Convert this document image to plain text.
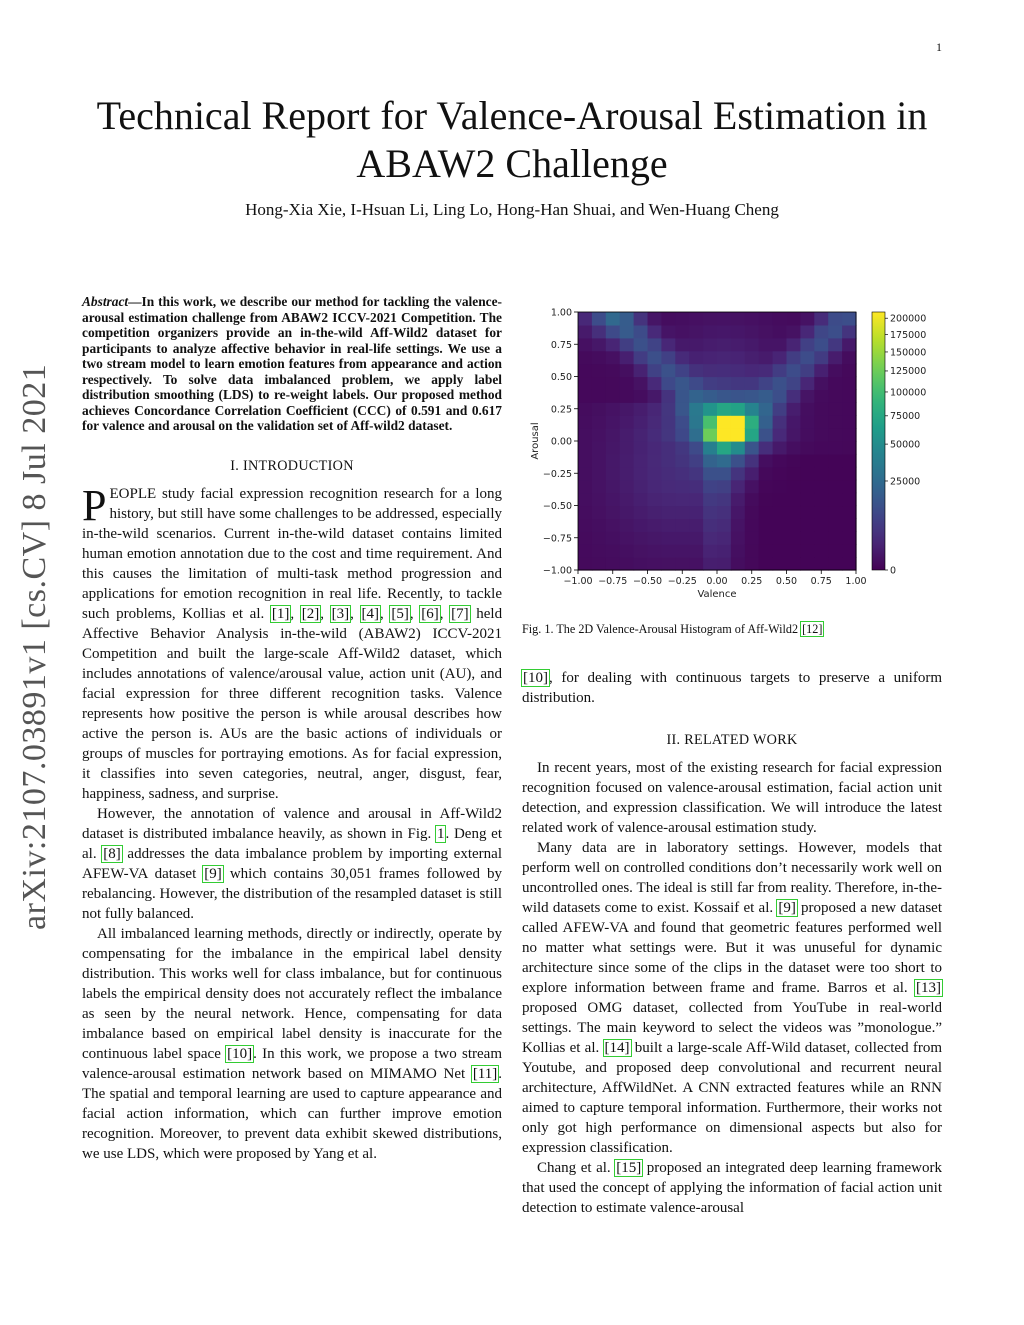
1
Technical Report for Valence-Arousal Estimation in ABAW2 Challenge
Hong-Xia Xie, I-Hsuan Li, Ling Lo, Hong-Han Shuai, and Wen-Huang Cheng
arXiv:2107.03891v1 [cs.CV] 8 Jul 2021

Abstract—In this work, we describe our method for tackling the valence-arousal estimation challenge from ABAW2 ICCV-2021 Competition. The competition organizers provide an in-the-wild Aff-Wild2 dataset for participants to analyze affective behavior in real-life settings. We use a two stream model to learn emotion features from appearance and action respectively. To solve data imbalanced problem, we apply label distribution smoothing (LDS) to re-weight labels. Our proposed method achieves Concordance Correlation Coefficient (CCC) of 0.591 and 0.617 for valence and arousal on the validation set of Aff-wild2 dataset.

I. INTRODUCTION

PEOPLE study facial expression recognition research for a long history, but still have some challenges to be addressed, especially in-the-wild scenarios. Current in-the-wild dataset contains limited human emotion annotation due to the cost and time requirement. And this causes the limitation of multi-task method progression and applications for emotion recognition in real life. Recently, to tackle such problems, Kollias et al. [1], [2], [3], [4], [5], [6], [7] held Affective Behavior Analysis in-the-wild (ABAW2) ICCV-2021 Competition and built the large-scale Aff-Wild2 dataset, which includes annotations of valence/arousal value, action unit (AU), and facial expression for three different recognition tasks. Valence represents how positive the person is while arousal describes how active the person is. AUs are the basic actions of individuals or groups of muscles for portraying emotions. As for facial expression, it classifies into seven categories, neutral, anger, disgust, fear, happiness, sadness, and surprise.

However, the annotation of valence and arousal in Aff-Wild2 dataset is distributed imbalance heavily, as shown in Fig. 1. Deng et al. [8] addresses the data imbalance problem by importing external AFEW-VA dataset [9] which contains 30,051 frames followed by rebalancing. However, the distribution of the resampled dataset is still not fully balanced.

All imbalanced learning methods, directly or indirectly, operate by compensating for the imbalance in the empirical label density distribution. This works well for class imbalance, but for continuous labels the empirical density does not accurately reflect the imbalance as seen by the neural network. Hence, compensating for data imbalance based on empirical label density is inaccurate for the continuous label space [10]. In this work, we propose a two stream valence-arousal estimation network based on MIMAMO Net [11]. The spatial and temporal learning are used to capture appearance and facial action information, which can further improve emotion recognition. Moreover, to prevent data exhibit skewed distributions, we use LDS, which were proposed by Yang et al.

−1.00 −0.75 −0.50 −0.25 0.00 0.25 0.50 0.75 1.00
1.00
0.75
0.50
0.25
0.00
−0.25
−0.50
−0.75
−1.00
Valence
Arousal
200000
175000
150000
125000
100000
75000
50000
25000
0
Fig. 1. The 2D Valence-Arousal Histogram of Aff-Wild2 [12]

[10], for dealing with continuous targets to preserve a uniform distribution.

II. RELATED WORK

In recent years, most of the existing research for facial expression recognition focused on valence-arousal estimation, facial action unit detection, and expression classification. We will introduce the latest related work of valence-arousal estimation study.

Many data are in laboratory settings. However, models that perform well on controlled conditions don’t necessarily work well on uncontrolled ones. The ideal is still far from reality. Therefore, in-the-wild datasets come to exist. Kossaif et al. [9] proposed a new dataset called AFEW-VA and found that geometric features performed well no matter what settings were. But it was unuseful for dynamic architecture since some of the clips in the dataset were too short to explore information between frame and frame. Barros et al. [13] proposed OMG dataset, collected from YouTube in real-world settings. The main keyword to select the videos was ”monologue.” Kollias et al. [14] built a large-scale Aff-Wild dataset, collected from Youtube, and proposed deep convolutional and recurrent neural architecture, AffWildNet. A CNN extracted features while an RNN aimed to capture temporal information. Furthermore, their works not only got high performance on dimensional aspects but also for expression classification.

Chang et al. [15] proposed an integrated deep learning framework that used the concept of applying the information of facial action unit detection to estimate valence-arousal
